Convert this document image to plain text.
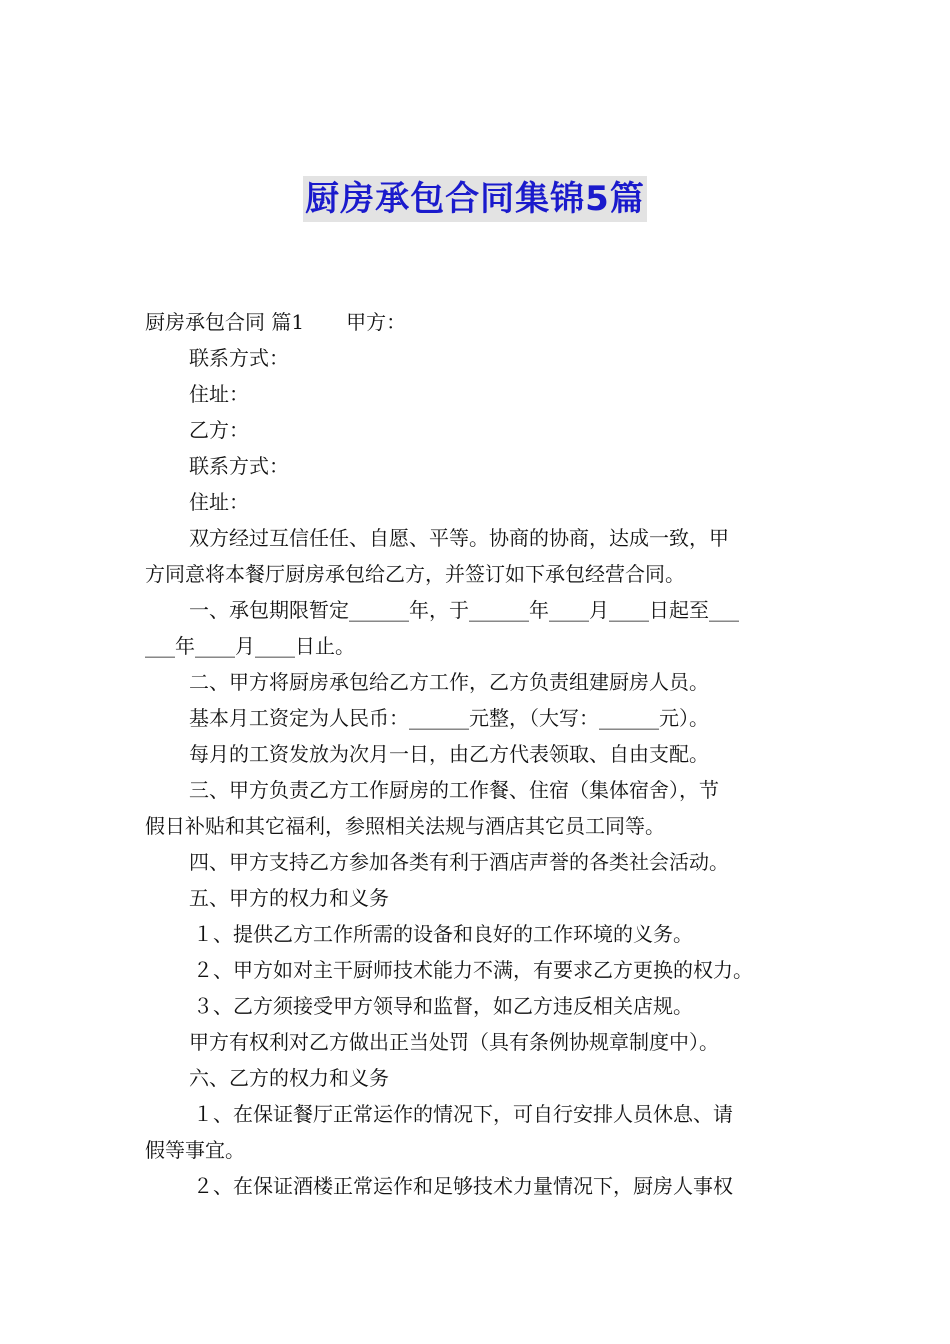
厨房承包合同集锦5篇

厨房承包合同 篇1 甲方：

联系方式：

住址：

乙方：

联系方式：

住址：

双方经过互信任任、自愿、平等。协商的协商，达成一致，甲

方同意将本餐厅厨房承包给乙方，并签订如下承包经营合同。

一、承包期限暂定______年，于______年____月____日起至___

___年____月____日止。

二、甲方将厨房承包给乙方工作，乙方负责组建厨房人员。

基本月工资定为人民币：______元整，（大写：______元）。

每月的工资发放为次月一日，由乙方代表领取、自由支配。

三、甲方负责乙方工作厨房的工作餐、住宿（集体宿舍），节

假日补贴和其它福利，参照相关法规与酒店其它员工同等。

四、甲方支持乙方参加各类有利于酒店声誉的各类社会活动。

五、甲方的权力和义务

１、提供乙方工作所需的设备和良好的工作环境的义务。

２、甲方如对主干厨师技术能力不满，有要求乙方更换的权力。

３、乙方须接受甲方领导和监督，如乙方违反相关店规。

甲方有权利对乙方做出正当处罚（具有条例协规章制度中）。

六、乙方的权力和义务

１、在保证餐厅正常运作的情况下，可自行安排人员休息、请

假等事宜。

２、在保证酒楼正常运作和足够技术力量情况下，厨房人事权
